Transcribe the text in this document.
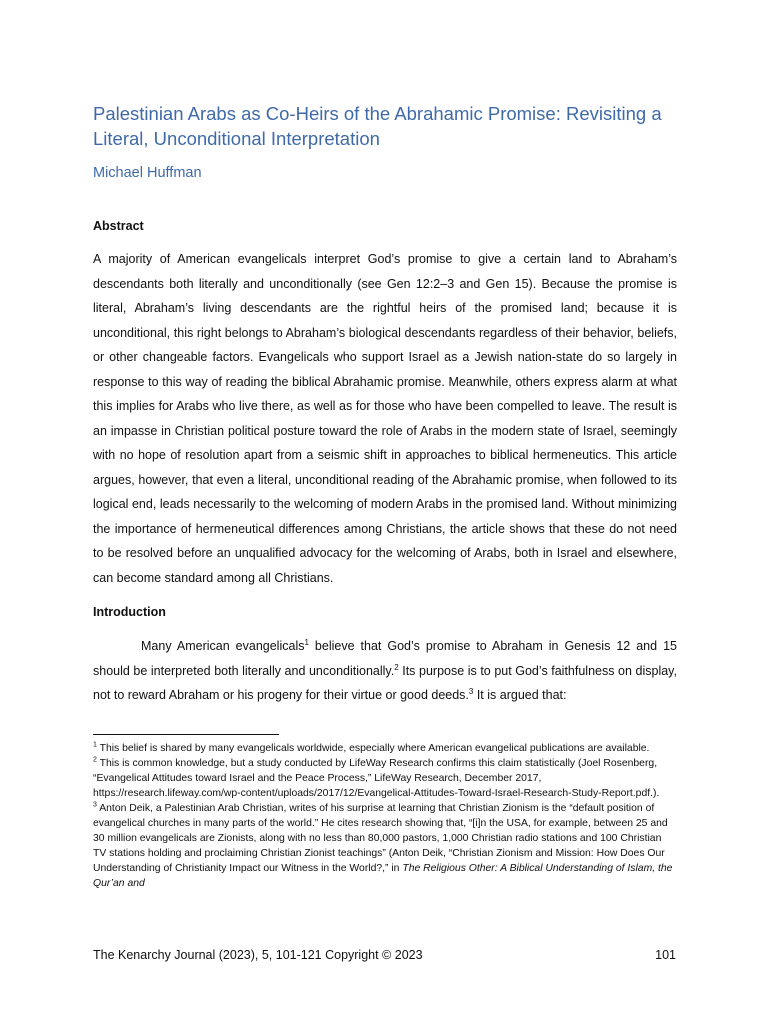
Palestinian Arabs as Co-Heirs of the Abrahamic Promise: Revisiting a Literal, Unconditional Interpretation
Michael Huffman
Abstract

A majority of American evangelicals interpret God’s promise to give a certain land to Abraham’s descendants both literally and unconditionally (see Gen 12:2–3 and Gen 15). Because the promise is literal, Abraham’s living descendants are the rightful heirs of the promised land; because it is unconditional, this right belongs to Abraham’s biological descendants regardless of their behavior, beliefs, or other changeable factors. Evangelicals who support Israel as a Jewish nation-state do so largely in response to this way of reading the biblical Abrahamic promise. Meanwhile, others express alarm at what this implies for Arabs who live there, as well as for those who have been compelled to leave. The result is an impasse in Christian political posture toward the role of Arabs in the modern state of Israel, seemingly with no hope of resolution apart from a seismic shift in approaches to biblical hermeneutics. This article argues, however, that even a literal, unconditional reading of the Abrahamic promise, when followed to its logical end, leads necessarily to the welcoming of modern Arabs in the promised land. Without minimizing the importance of hermeneutical differences among Christians, the article shows that these do not need to be resolved before an unqualified advocacy for the welcoming of Arabs, both in Israel and elsewhere, can become standard among all Christians.

Introduction

Many American evangelicals$^1$ believe that God’s promise to Abraham in Genesis 12 and 15 should be interpreted both literally and unconditionally.$^2$ Its purpose is to put God’s faithfulness on display, not to reward Abraham or his progeny for their virtue or good deeds.$^3$ It is argued that:

$^1$ This belief is shared by many evangelicals worldwide, especially where American evangelical publications are available.

$^2$ This is common knowledge, but a study conducted by LifeWay Research confirms this claim statistically (Joel Rosenberg, “Evangelical Attitudes toward Israel and the Peace Process,” LifeWay Research, December 2017, https://research.lifeway.com/wp-content/uploads/2017/12/Evangelical-Attitudes-Toward-Israel-Research-Study-Report.pdf.).

$^3$ Anton Deik, a Palestinian Arab Christian, writes of his surprise at learning that Christian Zionism is the “default position of evangelical churches in many parts of the world.” He cites research showing that, “[i]n the USA, for example, between 25 and 30 million evangelicals are Zionists, along with no less than 80,000 pastors, 1,000 Christian radio stations and 100 Christian TV stations holding and proclaiming Christian Zionist teachings” (Anton Deik, “Christian Zionism and Mission: How Does Our Understanding of Christianity Impact our Witness in the World?,” in The Religious Other: A Biblical Understanding of Islam, the Qur’an and

The Kenarchy Journal (2023), 5, 101-121 Copyright © 2023	101
